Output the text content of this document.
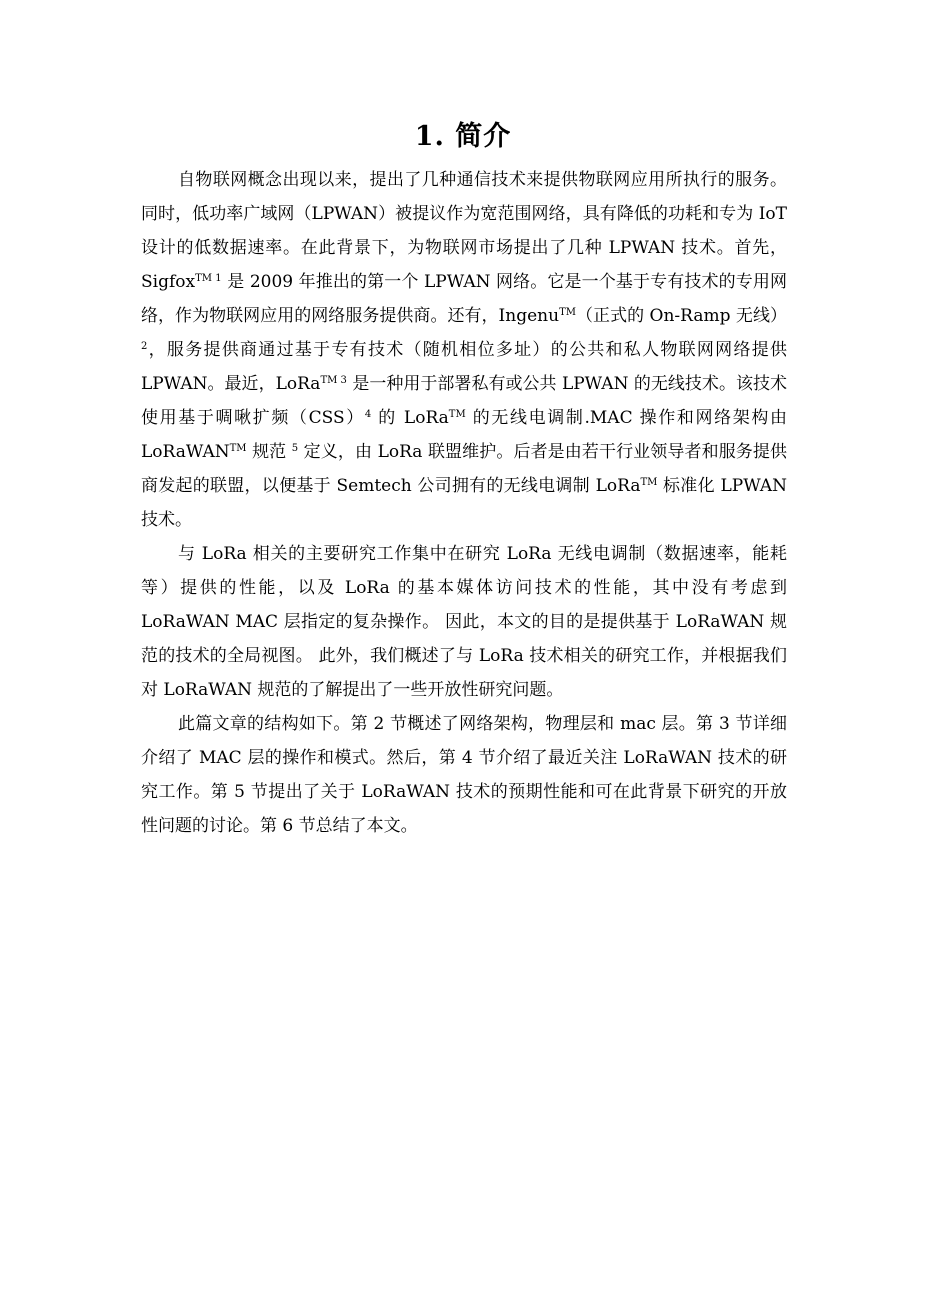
1. 简介

自物联网概念出现以来，提出了几种通信技术来提供物联网应用所执行的服务。同时，低功率广域网（LPWAN）被提议作为宽范围网络，具有降低的功耗和专为 IoT 设计的低数据速率。在此背景下，为物联网市场提出了几种 LPWAN 技术。首先，Sigfox$^{TM 1}$ 是 2009 年推出的第一个 LPWAN 网络。它是一个基于专有技术的专用网络，作为物联网应用的网络服务提供商。还有，Ingenu™（正式的 On-Ramp 无线）$^2$，服务提供商通过基于专有技术（随机相位多址）的公共和私人物联网网络提供 LPWAN。最近，LoRa$^{TM 3}$ 是一种用于部署私有或公共 LPWAN 的无线技术。该技术使用基于啁啾扩频（CSS）$^4$ 的 LoRa™ 的无线电调制.MAC 操作和网络架构由 LoRaWAN™ 规范 $^5$ 定义，由 LoRa 联盟维护。后者是由若干行业领导者和服务提供商发起的联盟，以便基于 Semtech 公司拥有的无线电调制 LoRa™ 标准化 LPWAN 技术。

与 LoRa 相关的主要研究工作集中在研究 LoRa 无线电调制（数据速率，能耗等）提供的性能，以及 LoRa 的基本媒体访问技术的性能，其中没有考虑到 LoRaWAN MAC 层指定的复杂操作。 因此，本文的目的是提供基于 LoRaWAN 规范的技术的全局视图。 此外，我们概述了与 LoRa 技术相关的研究工作，并根据我们对 LoRaWAN 规范的了解提出了一些开放性研究问题。

此篇文章的结构如下。第 2 节概述了网络架构，物理层和 mac 层。第 3 节详细介绍了 MAC 层的操作和模式。然后，第 4 节介绍了最近关注 LoRaWAN 技术的研究工作。第 5 节提出了关于 LoRaWAN 技术的预期性能和可在此背景下研究的开放性问题的讨论。第 6 节总结了本文。
